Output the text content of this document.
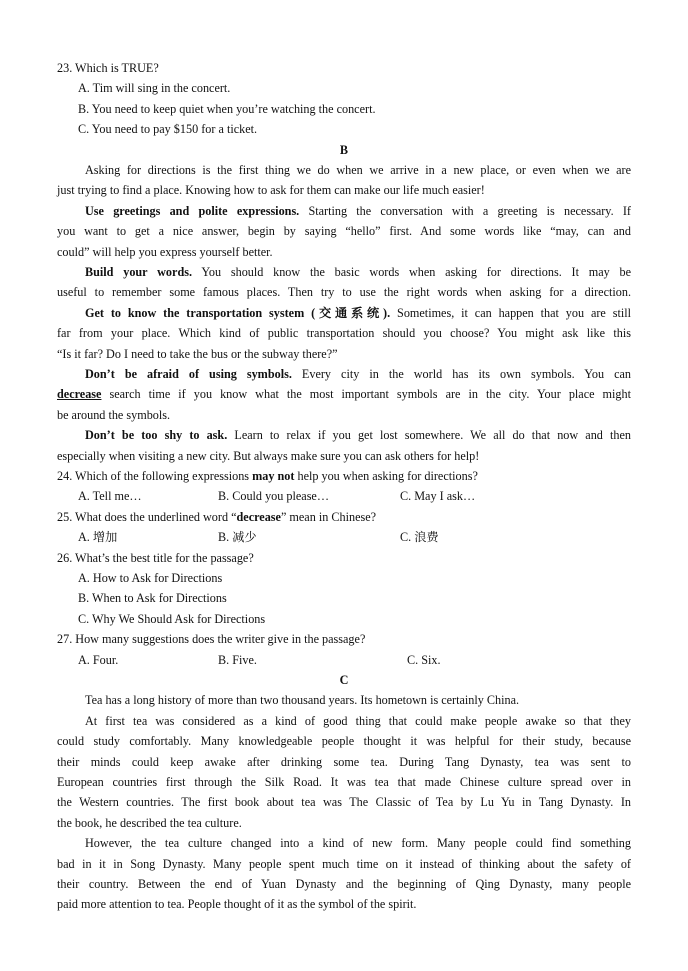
23. Which is TRUE?
A. Tim will sing in the concert.
B. You need to keep quiet when you’re watching the concert.
C. You need to pay $150 for a ticket.
B
Asking for directions is the first thing we do when we arrive in a new place, or even when we are
just trying to find a place. Knowing how to ask for them can make our life much easier!
Use greetings and polite expressions. Starting the conversation with a greeting is necessary. If
you want to get a nice answer, begin by saying “hello” first. And some words like “may, can and
could” will help you express yourself better.
Build your words. You should know the basic words when asking for directions. It may be
useful to remember some famous places. Then try to use the right words when asking for a direction.
Get to know the transportation system (交通系统). Sometimes, it can happen that you are still
far from your place. Which kind of public transportation should you choose? You might ask like this
“Is it far? Do I need to take the bus or the subway there?”
Don’t be afraid of using symbols. Every city in the world has its own symbols. You can
decrease search time if you know what the most important symbols are in the city. Your place might
be around the symbols.
Don’t be too shy to ask. Learn to relax if you get lost somewhere. We all do that now and then
especially when visiting a new city. But always make sure you can ask others for help!
24. Which of the following expressions may not help you when asking for directions?
A. Tell me…	B. Could you please…	C. May I ask…
25. What does the underlined word “decrease” mean in Chinese?
A. 增加	B. 减少	C. 浪费
26. What’s the best title for the passage?
A. How to Ask for Directions
B. When to Ask for Directions
C. Why We Should Ask for Directions
27. How many suggestions does the writer give in the passage?
A. Four.	B. Five.	C. Six.
C
Tea has a long history of more than two thousand years. Its hometown is certainly China.
At first tea was considered as a kind of good thing that could make people awake so that they
could study comfortably. Many knowledgeable people thought it was helpful for their study, because
their minds could keep awake after drinking some tea. During Tang Dynasty, tea was sent to
European countries first through the Silk Road. It was tea that made Chinese culture spread over in
the Western countries. The first book about tea was The Classic of Tea by Lu Yu in Tang Dynasty. In
the book, he described the tea culture.
However, the tea culture changed into a kind of new form. Many people could find something
bad in it in Song Dynasty. Many people spent much time on it instead of thinking about the safety of
their country. Between the end of Yuan Dynasty and the beginning of Qing Dynasty, many people
paid more attention to tea. People thought of it as the symbol of the spirit.
